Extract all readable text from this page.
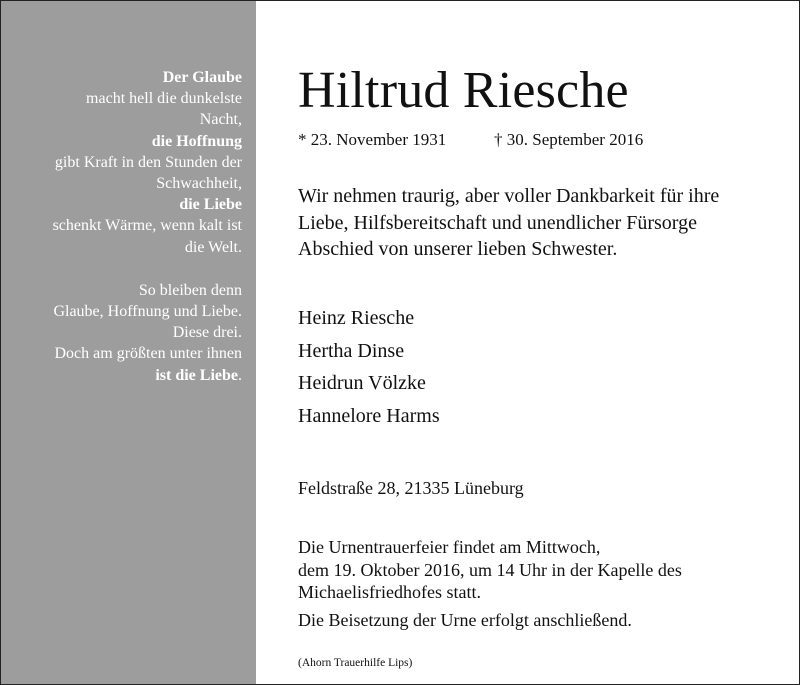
Der Glaube
macht hell die dunkelste
Nacht,
die Hoffnung
gibt Kraft in den Stunden der
Schwachheit,
die Liebe
schenkt Wärme, wenn kalt ist
die Welt.
So bleiben denn
Glaube, Hoffnung und Liebe.
Diese drei.
Doch am größten unter ihnen
ist die Liebe.
Hiltrud Riesche
* 23. November 1931	† 30. September 2016
Wir nehmen traurig, aber voller Dankbarkeit für ihre
Liebe, Hilfsbereitschaft und unendlicher Fürsorge
Abschied von unserer lieben Schwester.
Heinz Riesche
Hertha Dinse
Heidrun Völzke
Hannelore Harms
Feldstraße 28, 21335 Lüneburg
Die Urnentrauerfeier findet am Mittwoch,
dem 19. Oktober 2016, um 14 Uhr in der Kapelle des
Michaelisfriedhofes statt.
Die Beisetzung der Urne erfolgt anschließend.
(Ahorn Trauerhilfe Lips)
